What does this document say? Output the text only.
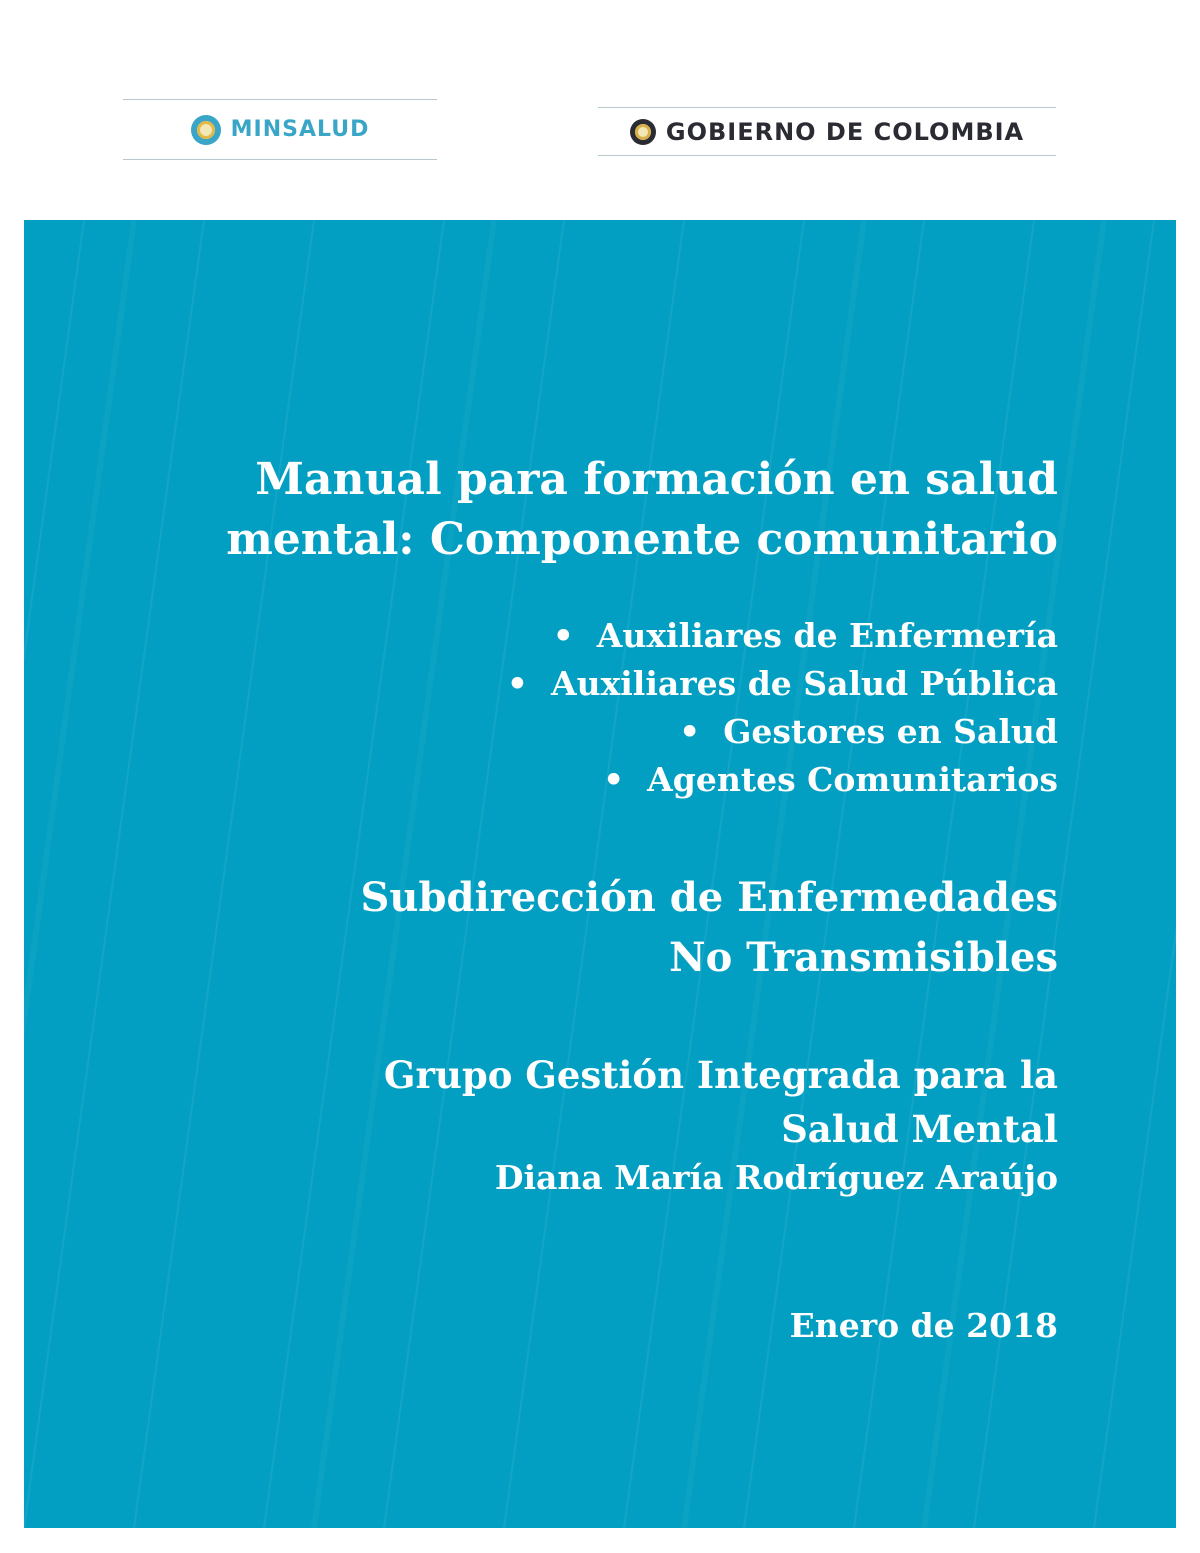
MINSALUD	GOBIERNO DE COLOMBIA
Manual para formación en salud
mental: Componente comunitario
•  Auxiliares de Enfermería
•  Auxiliares de Salud Pública
•  Gestores en Salud
•  Agentes Comunitarios
Subdirección de Enfermedades
No Transmisibles
Grupo Gestión Integrada para la
Salud Mental
Diana María Rodríguez Araújo
Enero de 2018
